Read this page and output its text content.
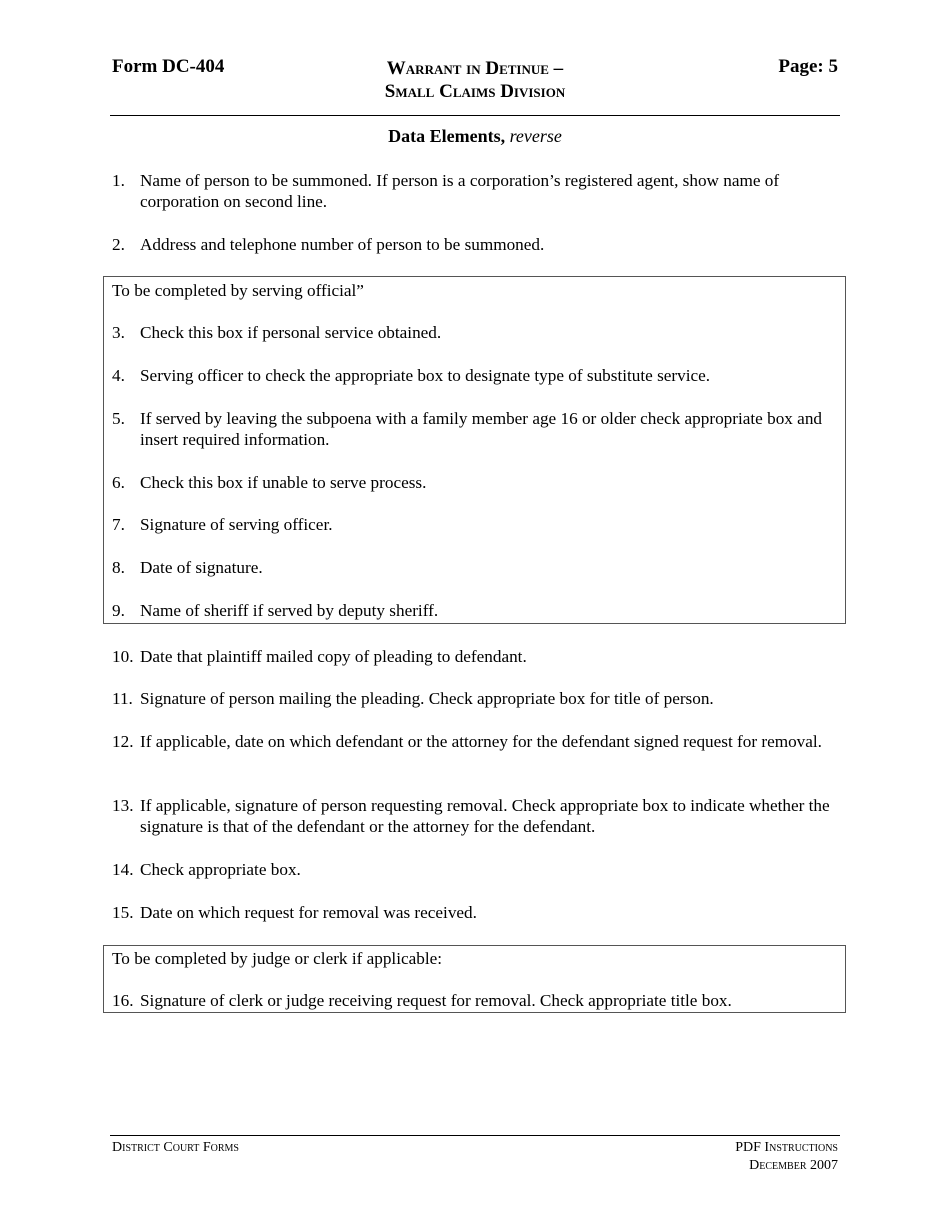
Form DC-404	Warrant in Detinue –
Small Claims Division
Page: 5
Data Elements, reverse
1. Name of person to be summoned. If person is a corporation’s registered agent, show name of corporation on second line.
2. Address and telephone number of person to be summoned.
To be completed by serving official”
3. Check this box if personal service obtained.
4. Serving officer to check the appropriate box to designate type of substitute service.
5. If served by leaving the subpoena with a family member age 16 or older check appropriate box and insert required information.
6. Check this box if unable to serve process.
7. Signature of serving officer.
8. Date of signature.
9. Name of sheriff if served by deputy sheriff.
10. Date that plaintiff mailed copy of pleading to defendant.
11. Signature of person mailing the pleading. Check appropriate box for title of person.
12. If applicable, date on which defendant or the attorney for the defendant signed request for removal.
13. If applicable, signature of person requesting removal. Check appropriate box to indicate whether the signature is that of the defendant or the attorney for the defendant.
14. Check appropriate box.
15. Date on which request for removal was received.
To be completed by judge or clerk if applicable:
16. Signature of clerk or judge receiving request for removal. Check appropriate title box.
District Court Forms	PDF Instructions
December 2007
